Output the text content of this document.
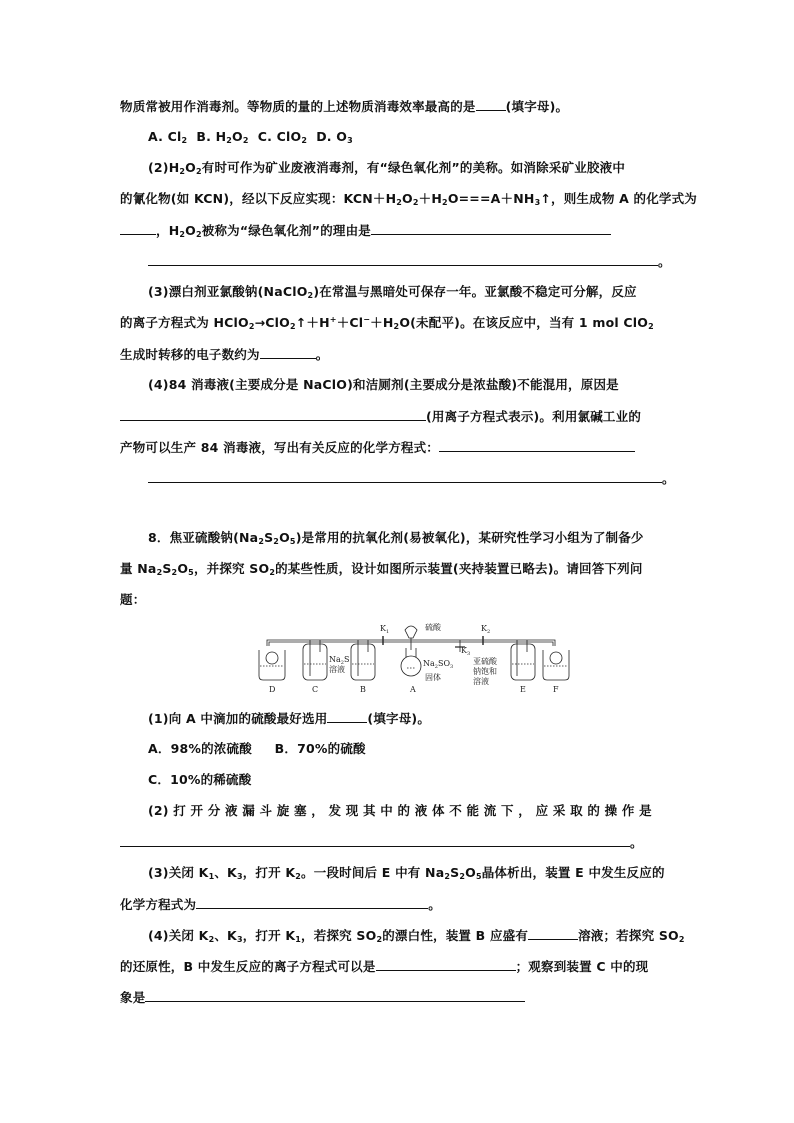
物质常被用作消毒剂。等物质的量的上述物质消毒效率最高的是 (填字母)。
A. $Cl_2$ B. $H_2O_2$ C. ClO$_2$ D. $O_3$
$(2)H_2O_2$有时可作为矿业废液消毒剂，有“绿色氧化剂”的美称。如消除采矿业胶液中
的氰化物(如 KCN)，经以下反应实现：$KCN+H_2O_2+H_2O===A+NH_3↑$，则生成物 A 的化学式为
，$H_2O_2$被称为“绿色氧化剂”的理由是
。
(3)漂白剂亚氯酸钠(NaClO$_2$)在常温与黑暗处可保存一年。亚氯酸不稳定可分解，反应
的离子方程式为 $HClO_2\to ClO_2↑+H^++Cl^-+H_2O$(未配平)。在该反应中，当有 1 mol ClO$_2$
生成时转移的电子数约为	。
(4)84 消毒液(主要成分是 NaClO)和洁厕剂(主要成分是浓盐酸)不能混用，原因是
(用离子方程式表示)。利用氯碱工业的
产物可以生产 84 消毒液，写出有关反应的化学方程式：
。
8．焦亚硫酸钠$(Na_2S_2O_5)$是常用的抗氧化剂(易被氧化)，某研究性学习小组为了制备少
量 $Na_2S_2O_5$，并探究 $SO_2$的某些性质，设计如图所示装置(夹持装置已略去)。请回答下列问
题：
D	C	B	A	E	F
$K_1$	$K_2$
$K_3$
硫酸
$Na_2S$
溶液
$Na_2SO_3$
固体
亚硫酸
钠饱和
溶液
(1)向 A 中滴加的硫酸最好选用	(填字母)。
A．98%的浓硫酸 B．70%的硫酸
C．10%的稀硫酸
(2) 打 开 分 液 漏 斗 旋 塞 ， 发 现 其 中 的 液 体 不 能 流 下 ， 应 采 取 的 操 作 是
。
(3)关闭 $K_1$、$K_3$，打开 $K_2$。一段时间后 E 中有 $Na_2S_2O_5$晶体析出，装置 E 中发生反应的
化学方程式为	。
(4)关闭 $K_2$、$K_3$，打开 $K_1$，若探究 $SO_2$的漂白性，装置 B 应盛有	溶液；若探究 $SO_2$
的还原性，B 中发生反应的离子方程式可以是	；观察到装置 C 中的现
象是
